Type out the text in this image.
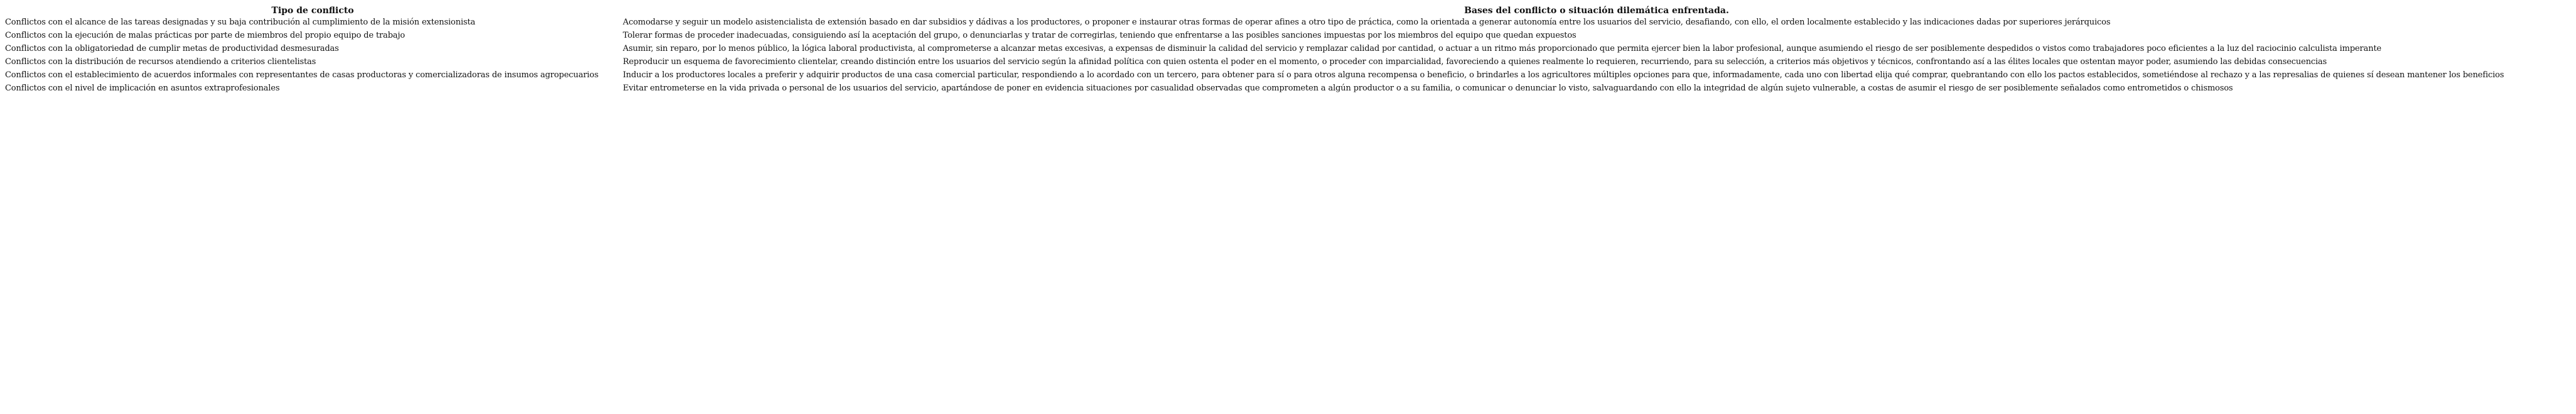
Tipo de conflicto	Bases del conflicto o situación dilemática enfrentada.
Conflictos con el alcance de las tareas designadas y su baja contribución al cumplimiento de la misión extensionista	Acomodarse y seguir un modelo asistencialista de extensión basado en dar subsidios y dádivas a los productores, o proponer e instaurar otras formas de operar afines a otro tipo de práctica, como la orientada a generar autonomía entre los usuarios del servicio, desafiando, con ello, el orden localmente establecido y las indicaciones dadas por superiores jerárquicos
Conflictos con la ejecución de malas prácticas por parte de miembros del propio equipo de trabajo	Tolerar formas de proceder inadecuadas, consiguiendo así la aceptación del grupo, o denunciarlas y tratar de corregirlas, teniendo que enfrentarse a las posibles sanciones impuestas por los miembros del equipo que quedan expuestos
Conflictos con la obligatoriedad de cumplir metas de productividad desmesuradas	Asumir, sin reparo, por lo menos público, la lógica laboral productivista, al comprometerse a alcanzar metas excesivas, a expensas de disminuir la calidad del servicio y remplazar calidad por cantidad, o actuar a un ritmo más proporcionado que permita ejercer bien la labor profesional, aunque asumiendo el riesgo de ser posiblemente despedidos o vistos como trabajadores poco eficientes a la luz del raciocinio calculista imperante
Conflictos con la distribución de recursos atendiendo a criterios clientelistas	Reproducir un esquema de favorecimiento clientelar, creando distinción entre los usuarios del servicio según la afinidad política con quien ostenta el poder en el momento, o proceder con imparcialidad, favoreciendo a quienes realmente lo requieren, recurriendo, para su selección, a criterios más objetivos y técnicos, confrontando así a las élites locales que ostentan mayor poder, asumiendo las debidas consecuencias
Conflictos con el establecimiento de acuerdos informales con representantes de casas productoras y comercializadoras de insumos agropecuarios	Inducir a los productores locales a preferir y adquirir productos de una casa comercial particular, respondiendo a lo acordado con un tercero, para obtener para sí o para otros alguna recompensa o beneficio, o brindarles a los agricultores múltiples opciones para que, informadamente, cada uno con libertad elija qué comprar, quebrantando con ello los pactos establecidos, sometiéndose al rechazo y a las represalias de quienes sí desean mantener los beneficios
Conflictos con el nivel de implicación en asuntos extraprofesionales	Evitar entrometerse en la vida privada o personal de los usuarios del servicio, apartándose de poner en evidencia situaciones por casualidad observadas que comprometen a algún productor o a su familia, o comunicar o denunciar lo visto, salvaguardando con ello la integridad de algún sujeto vulnerable, a costas de asumir el riesgo de ser posiblemente señalados como entrometidos o chismosos
